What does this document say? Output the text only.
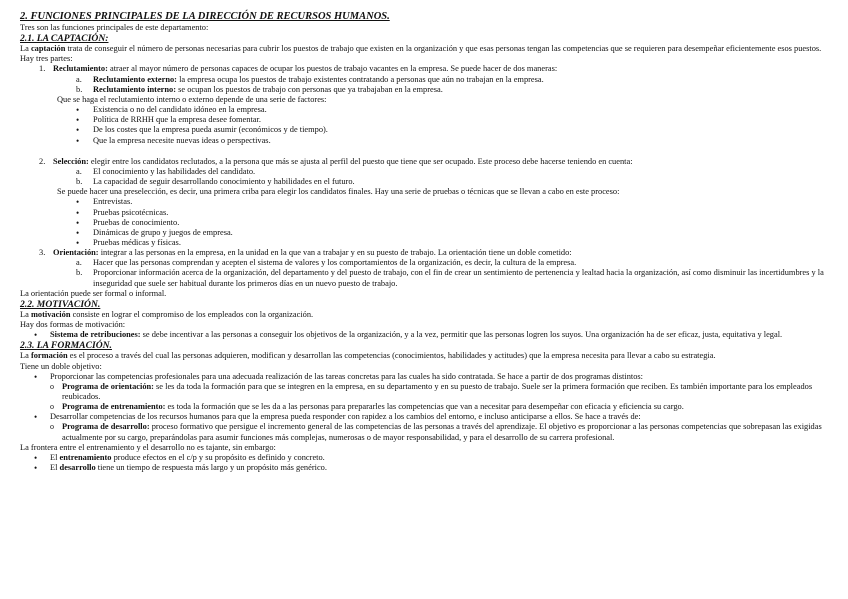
2. FUNCIONES PRINCIPALES DE LA DIRECCIÓN DE RECURSOS HUMANOS.

Tres son las funciones principales de este departamento:

2.1. LA CAPTACIÓN:

La captación trata de conseguir el número de personas necesarias para cubrir los puestos de trabajo que existen en la organización y que esas personas tengan las competencias que se requieren para desempeñar eficientemente esos puestos.

Hay tres partes:

1. Reclutamiento: atraer al mayor número de personas capaces de ocupar los puestos de trabajo vacantes en la empresa. Se puede hacer de dos maneras:
a. Reclutamiento externo: la empresa ocupa los puestos de trabajo existentes contratando a personas que aún no trabajan en la empresa.
b. Reclutamiento interno: se ocupan los puestos de trabajo con personas que ya trabajaban en la empresa.

Que se haga el reclutamiento interno o externo depende de una serie de factores:

• Existencia o no del candidato idóneo en la empresa.
• Política de RRHH que la empresa desee fomentar.
• De los costes que la empresa pueda asumir (económicos y de tiempo).
• Que la empresa necesite nuevas ideas o perspectivas.
2. Selección: elegir entre los candidatos reclutados, a la persona que más se ajusta al perfil del puesto que tiene que ser ocupado. Este proceso debe hacerse teniendo en cuenta:
a. El conocimiento y las habilidades del candidato.
b. La capacidad de seguir desarrollando conocimiento y habilidades en el futuro.

Se puede hacer una preselección, es decir, una primera criba para elegir los candidatos finales. Hay una serie de pruebas o técnicas que se llevan a cabo en este proceso:

• Entrevistas.
• Pruebas psicotécnicas.
• Pruebas de conocimiento.
• Dinámicas de grupo y juegos de empresa.
• Pruebas médicas y físicas.
3. Orientación: integrar a las personas en la empresa, en la unidad en la que van a trabajar y en su puesto de trabajo. La orientación tiene un doble cometido:
a. Hacer que las personas comprendan y acepten el sistema de valores y los comportamientos de la organización, es decir, la cultura de la empresa.
b. Proporcionar información acerca de la organización, del departamento y del puesto de trabajo, con el fin de crear un sentimiento de pertenencia y lealtad hacia la organización, así como disminuir las incertidumbres y la inseguridad que suele ser habitual durante los primeros días en un nuevo puesto de trabajo.

La orientación puede ser formal o informal.

2.2. MOTIVACIÓN.

La motivación consiste en lograr el compromiso de los empleados con la organización.

Hay dos formas de motivación:

• Sistema de retribuciones: se debe incentivar a las personas a conseguir los objetivos de la organización, y a la vez, permitir que las personas logren los suyos. Una organización ha de ser eficaz, justa, equitativa y legal.

2.3. LA FORMACIÓN.

La formación es el proceso a través del cual las personas adquieren, modifican y desarrollan las competencias (conocimientos, habilidades y actitudes) que la empresa necesita para llevar a cabo su estrategia.

Tiene un doble objetivo:

• Proporcionar las competencias profesionales para una adecuada realización de las tareas concretas para las cuales ha sido contratada. Se hace a partir de dos programas distintos:
o Programa de orientación: se les da toda la formación para que se integren en la empresa, en su departamento y en su puesto de trabajo. Suele ser la primera formación que reciben. Es también importante para los empleados reubicados.
o Programa de entrenamiento: es toda la formación que se les da a las personas para prepararles las competencias que van a necesitar para desempeñar con eficacia y eficiencia su cargo.
• Desarrollar competencias de los recursos humanos para que la empresa pueda responder con rapidez a los cambios del entorno, e incluso anticiparse a ellos. Se hace a través de:
o Programa de desarrollo: proceso formativo que persigue el incremento general de las competencias de las personas a través del aprendizaje. El objetivo es proporcionar a las personas competencias que sobrepasan las exigidas actualmente por su cargo, preparándolas para asumir funciones más complejas, numerosas o de mayor responsabilidad, y para el desarrollo de su carrera profesional.

La frontera entre el entrenamiento y el desarrollo no es tajante, sin embargo:

• El entrenamiento produce efectos en el c/p y su propósito es definido y concreto.
• El desarrollo tiene un tiempo de respuesta más largo y un propósito más genérico.
